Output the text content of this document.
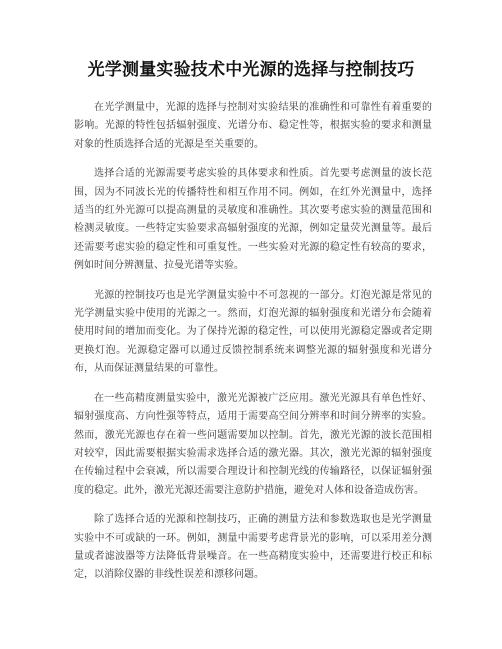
光学测量实验技术中光源的选择与控制技巧

在光学测量中，光源的选择与控制对实验结果的准确性和可靠性有着重要的影响。光源的特性包括辐射强度、光谱分布、稳定性等，根据实验的要求和测量对象的性质选择合适的光源是至关重要的。

选择合适的光源需要考虑实验的具体要求和性质。首先要考虑测量的波长范围，因为不同波长光的传播特性和相互作用不同。例如，在红外光测量中，选择适当的红外光源可以提高测量的灵敏度和准确性。其次要考虑实验的测量范围和检测灵敏度。一些特定实验要求高辐射强度的光源，例如定量荧光测量等。最后还需要考虑实验的稳定性和可重复性。一些实验对光源的稳定性有较高的要求，例如时间分辨测量、拉曼光谱等实验。

光源的控制技巧也是光学测量实验中不可忽视的一部分。灯泡光源是常见的光学测量实验中使用的光源之一。然而，灯泡光源的辐射强度和光谱分布会随着使用时间的增加而变化。为了保持光源的稳定性，可以使用光源稳定器或者定期更换灯泡。光源稳定器可以通过反馈控制系统来调整光源的辐射强度和光谱分布，从而保证测量结果的可靠性。

在一些高精度测量实验中，激光光源被广泛应用。激光光源具有单色性好、辐射强度高、方向性强等特点，适用于需要高空间分辨率和时间分辨率的实验。然而，激光光源也存在着一些问题需要加以控制。首先，激光光源的波长范围相对较窄，因此需要根据实验需求选择合适的激光器。其次，激光光源的辐射强度在传输过程中会衰减，所以需要合理设计和控制光线的传输路径，以保证辐射强度的稳定。此外，激光光源还需要注意防护措施，避免对人体和设备造成伤害。

除了选择合适的光源和控制技巧，正确的测量方法和参数选取也是光学测量实验中不可或缺的一环。例如，测量中需要考虑背景光的影响，可以采用差分测量或者滤波器等方法降低背景噪音。在一些高精度实验中，还需要进行校正和标定，以消除仪器的非线性误差和漂移问题。
